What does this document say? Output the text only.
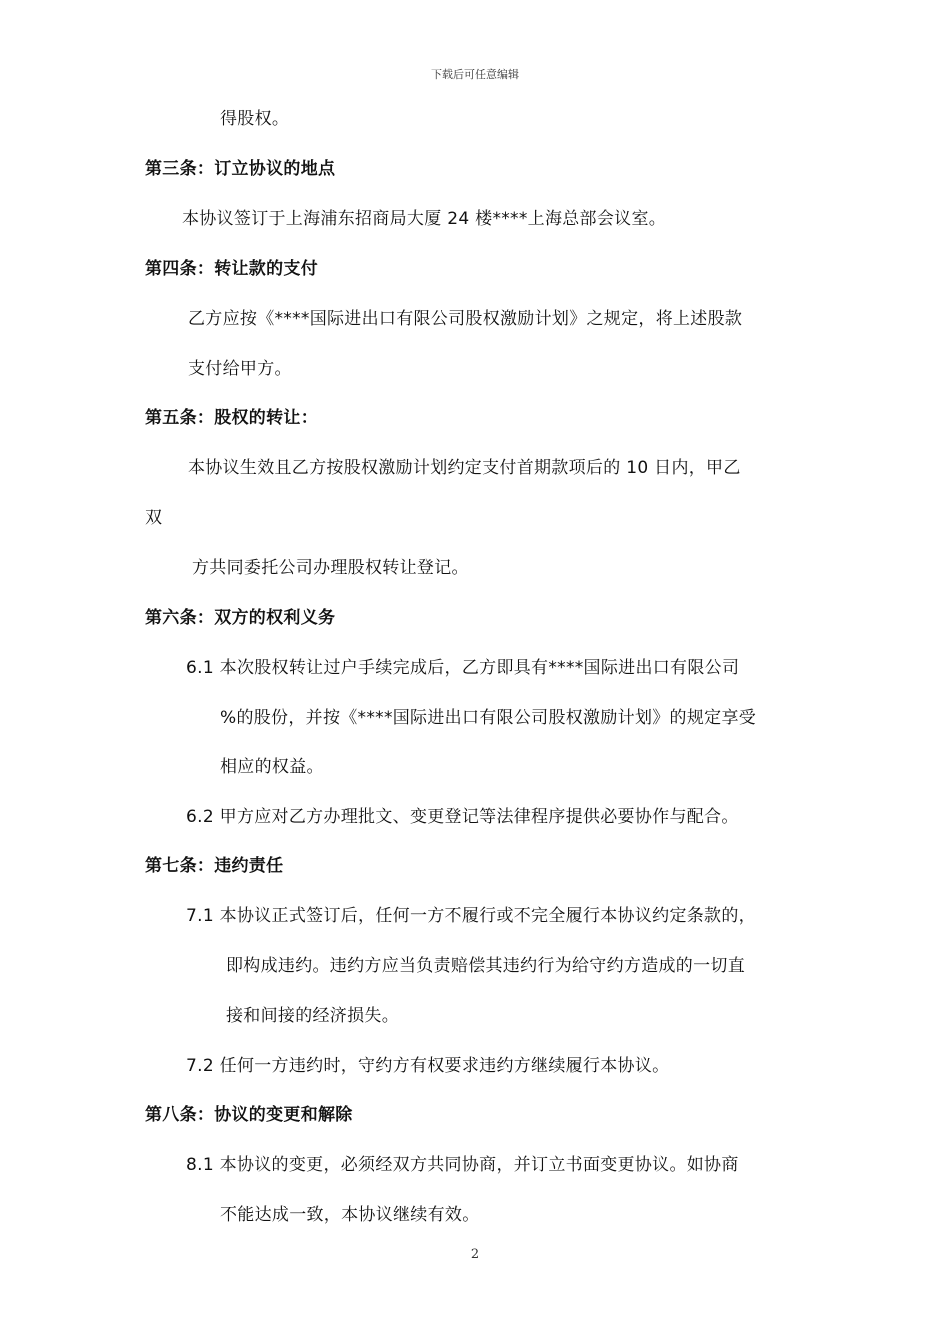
下载后可任意编辑
得股权。
第三条：订立协议的地点
本协议签订于上海浦东招商局大厦 24 楼****上海总部会议室。
第四条：转让款的支付
乙方应按《****国际进出口有限公司股权激励计划》之规定，将上述股款
支付给甲方。
第五条：股权的转让：
本协议生效且乙方按股权激励计划约定支付首期款项后的 10 日内，甲乙
双
方共同委托公司办理股权转让登记。
第六条：双方的权利义务
6.1 本次股权转让过户手续完成后，乙方即具有****国际进出口有限公司
%的股份，并按《****国际进出口有限公司股权激励计划》的规定享受
相应的权益。
6.2 甲方应对乙方办理批文、变更登记等法律程序提供必要协作与配合。
第七条：违约责任
7.1 本协议正式签订后，任何一方不履行或不完全履行本协议约定条款的，
即构成违约。违约方应当负责赔偿其违约行为给守约方造成的一切直
接和间接的经济损失。
7.2 任何一方违约时，守约方有权要求违约方继续履行本协议。
第八条：协议的变更和解除
8.1 本协议的变更，必须经双方共同协商，并订立书面变更协议。如协商
不能达成一致，本协议继续有效。
2
